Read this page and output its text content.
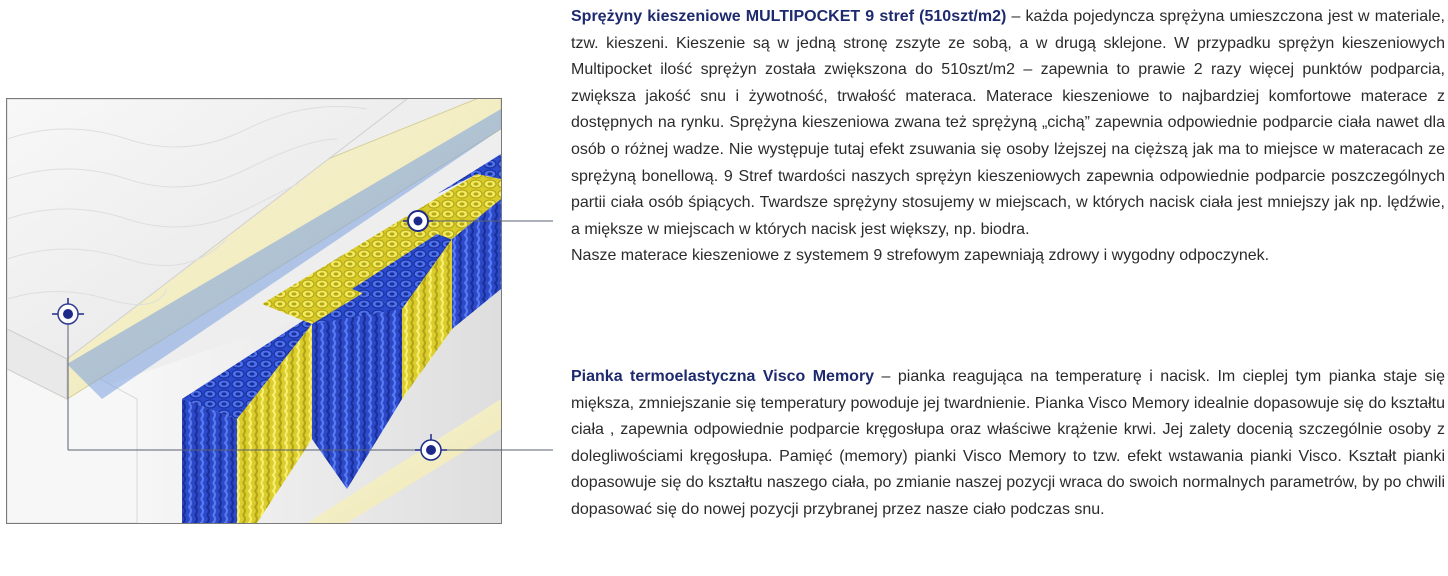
Sprężyny kieszeniowe MULTIPOCKET 9 stref (510szt/m2) – każda pojedyncza sprężyna umieszczona jest w materiale, tzw. kieszeni. Kieszenie są w jedną stronę zszyte ze sobą, a w drugą sklejone. W przypadku sprężyn kieszeniowych Multipocket ilość sprężyn została zwiększona do 510szt/m2 – zapewnia to prawie 2 razy więcej punktów podparcia, zwiększa jakość snu i żywotność, trwałość materaca. Materace kieszeniowe to najbardziej komfortowe materace z dostępnych na rynku. Sprężyna kieszeniowa zwana też sprężyną „cichą” zapewnia odpowiednie podparcie ciała nawet dla osób o różnej wadze. Nie występuje tutaj efekt zsuwania się osoby lżejszej na cięższą jak ma to miejsce w materacach ze sprężyną bonellową. 9 Stref twardości naszych sprężyn kieszeniowych zapewnia odpowiednie podparcie poszczególnych partii ciała osób śpiących. Twardsze sprężyny stosujemy w miejscach, w których nacisk ciała jest mniejszy jak np. lędźwie, a miększe w miejscach w których nacisk jest większy, np. biodra.

Nasze materace kieszeniowe z systemem 9 strefowym zapewniają zdrowy i wygodny odpoczynek.

Pianka termoelastyczna Visco Memory – pianka reagująca na temperaturę i nacisk. Im cieplej tym pianka staje się miększa, zmniejszanie się temperatury powoduje jej twardnienie. Pianka Visco Memory idealnie dopasowuje się do kształtu ciała , zapewnia odpowiednie podparcie kręgosłupa oraz właściwe krążenie krwi. Jej zalety docenią szczególnie osoby z dolegliwościami kręgosłupa. Pamięć (memory) pianki Visco Memory to tzw. efekt wstawania pianki Visco. Kształt pianki dopasowuje się do kształtu naszego ciała, po zmianie naszej pozycji wraca do swoich normalnych parametrów, by po chwili dopasować się do nowej pozycji przybranej przez nasze ciało podczas snu.
